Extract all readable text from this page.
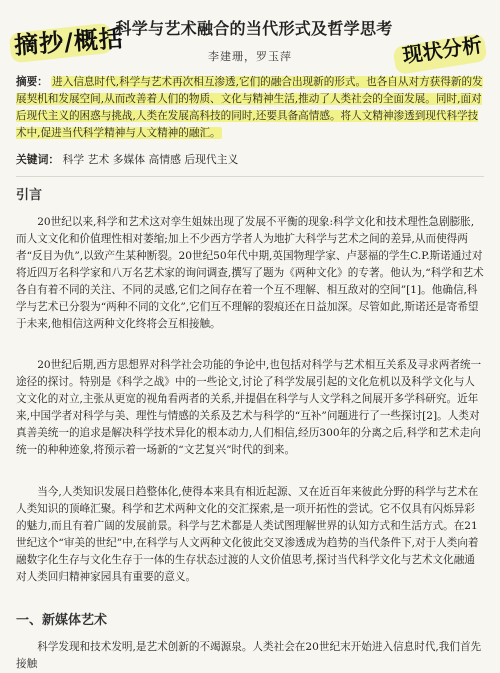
摘抄/概括	现状分析
科学与艺术融合的当代形式及哲学思考
李建珊，罗玉萍
摘要： 进入信息时代,科学与艺术再次相互渗透,它们的融合出现新的形式。也各自从对方获得新的发展契机和发展空间,从而改善着人们的物质、文化与精神生活,推动了人类社会的全面发展。同时,面对后现代主义的困惑与挑战,人类在发展高科技的同时,还要具备高情感。将人文精神渗透到现代科学技术中,促进当代科学精神与人文精神的融汇。
关键词： 科学 艺术 多媒体 高情感 后现代主义
引言
20世纪以来,科学和艺术这对孪生姐妹出现了发展不平衡的现象:科学文化和技术理性急剧膨胀,而人文文化和价值理性相对萎缩;加上不少西方学者人为地扩大科学与艺术之间的差异,从而使得两者“反目为仇”,以致产生某种断裂。20世纪50年代中期,英国物理学家、卢瑟福的学生C.P.斯诺通过对将近四万名科学家和八万名艺术家的询问调查,撰写了题为《两种文化》的专著。他认为,“科学和艺术各自有着不同的关注、不同的灵感,它们之间存在着一个互不理解、相互敌对的空间”[1]。他确信,科学与艺术已分裂为“两种不同的文化”,它们互不理解的裂痕还在日益加深。尽管如此,斯诺还是寄希望于未来,他相信这两种文化终将会互相接触。
20世纪后期,西方思想界对科学社会功能的争论中,也包括对科学与艺术相互关系及寻求两者统一途径的探讨。特别是《科学之战》中的一些论文,讨论了科学发展引起的文化危机以及科学文化与人文文化的对立,主张从更宽的视角看两者的关系,并提倡在科学与人文学科之间展开多学科研究。近年来,中国学者对科学与美、理性与情感的关系及艺术与科学的“互补”问题进行了一些探讨[2]。人类对真善美统一的追求是解决科学技术异化的根本动力,人们相信,经历300年的分离之后,科学和艺术走向统一的种种迹象,将预示着一场新的“文艺复兴”时代的到来。
当今,人类知识发展日趋整体化,使得本来具有相近起源、又在近百年来彼此分野的科学与艺术在人类知识的顶峰汇聚。科学和艺术两种文化的交汇探索,是一项开拓性的尝试。它不仅具有闪烁异彩的魅力,而且有着广阔的发展前景。科学与艺术都是人类试图理解世界的认知方式和生活方式。在21世纪这个“审美的世纪”中,在科学与人文两种文化彼此交叉渗透成为趋势的当代条件下,对于人类向着融数字化生存与文化生存于一体的生存状态过渡的人文价值思考,探讨当代科学文化与艺术文化融通对人类回归精神家园具有重要的意义。
一、新媒体艺术
科学发现和技术发明,是艺术创新的不竭源泉。人类社会在20世纪末开始进入信息时代,我们首先接触
